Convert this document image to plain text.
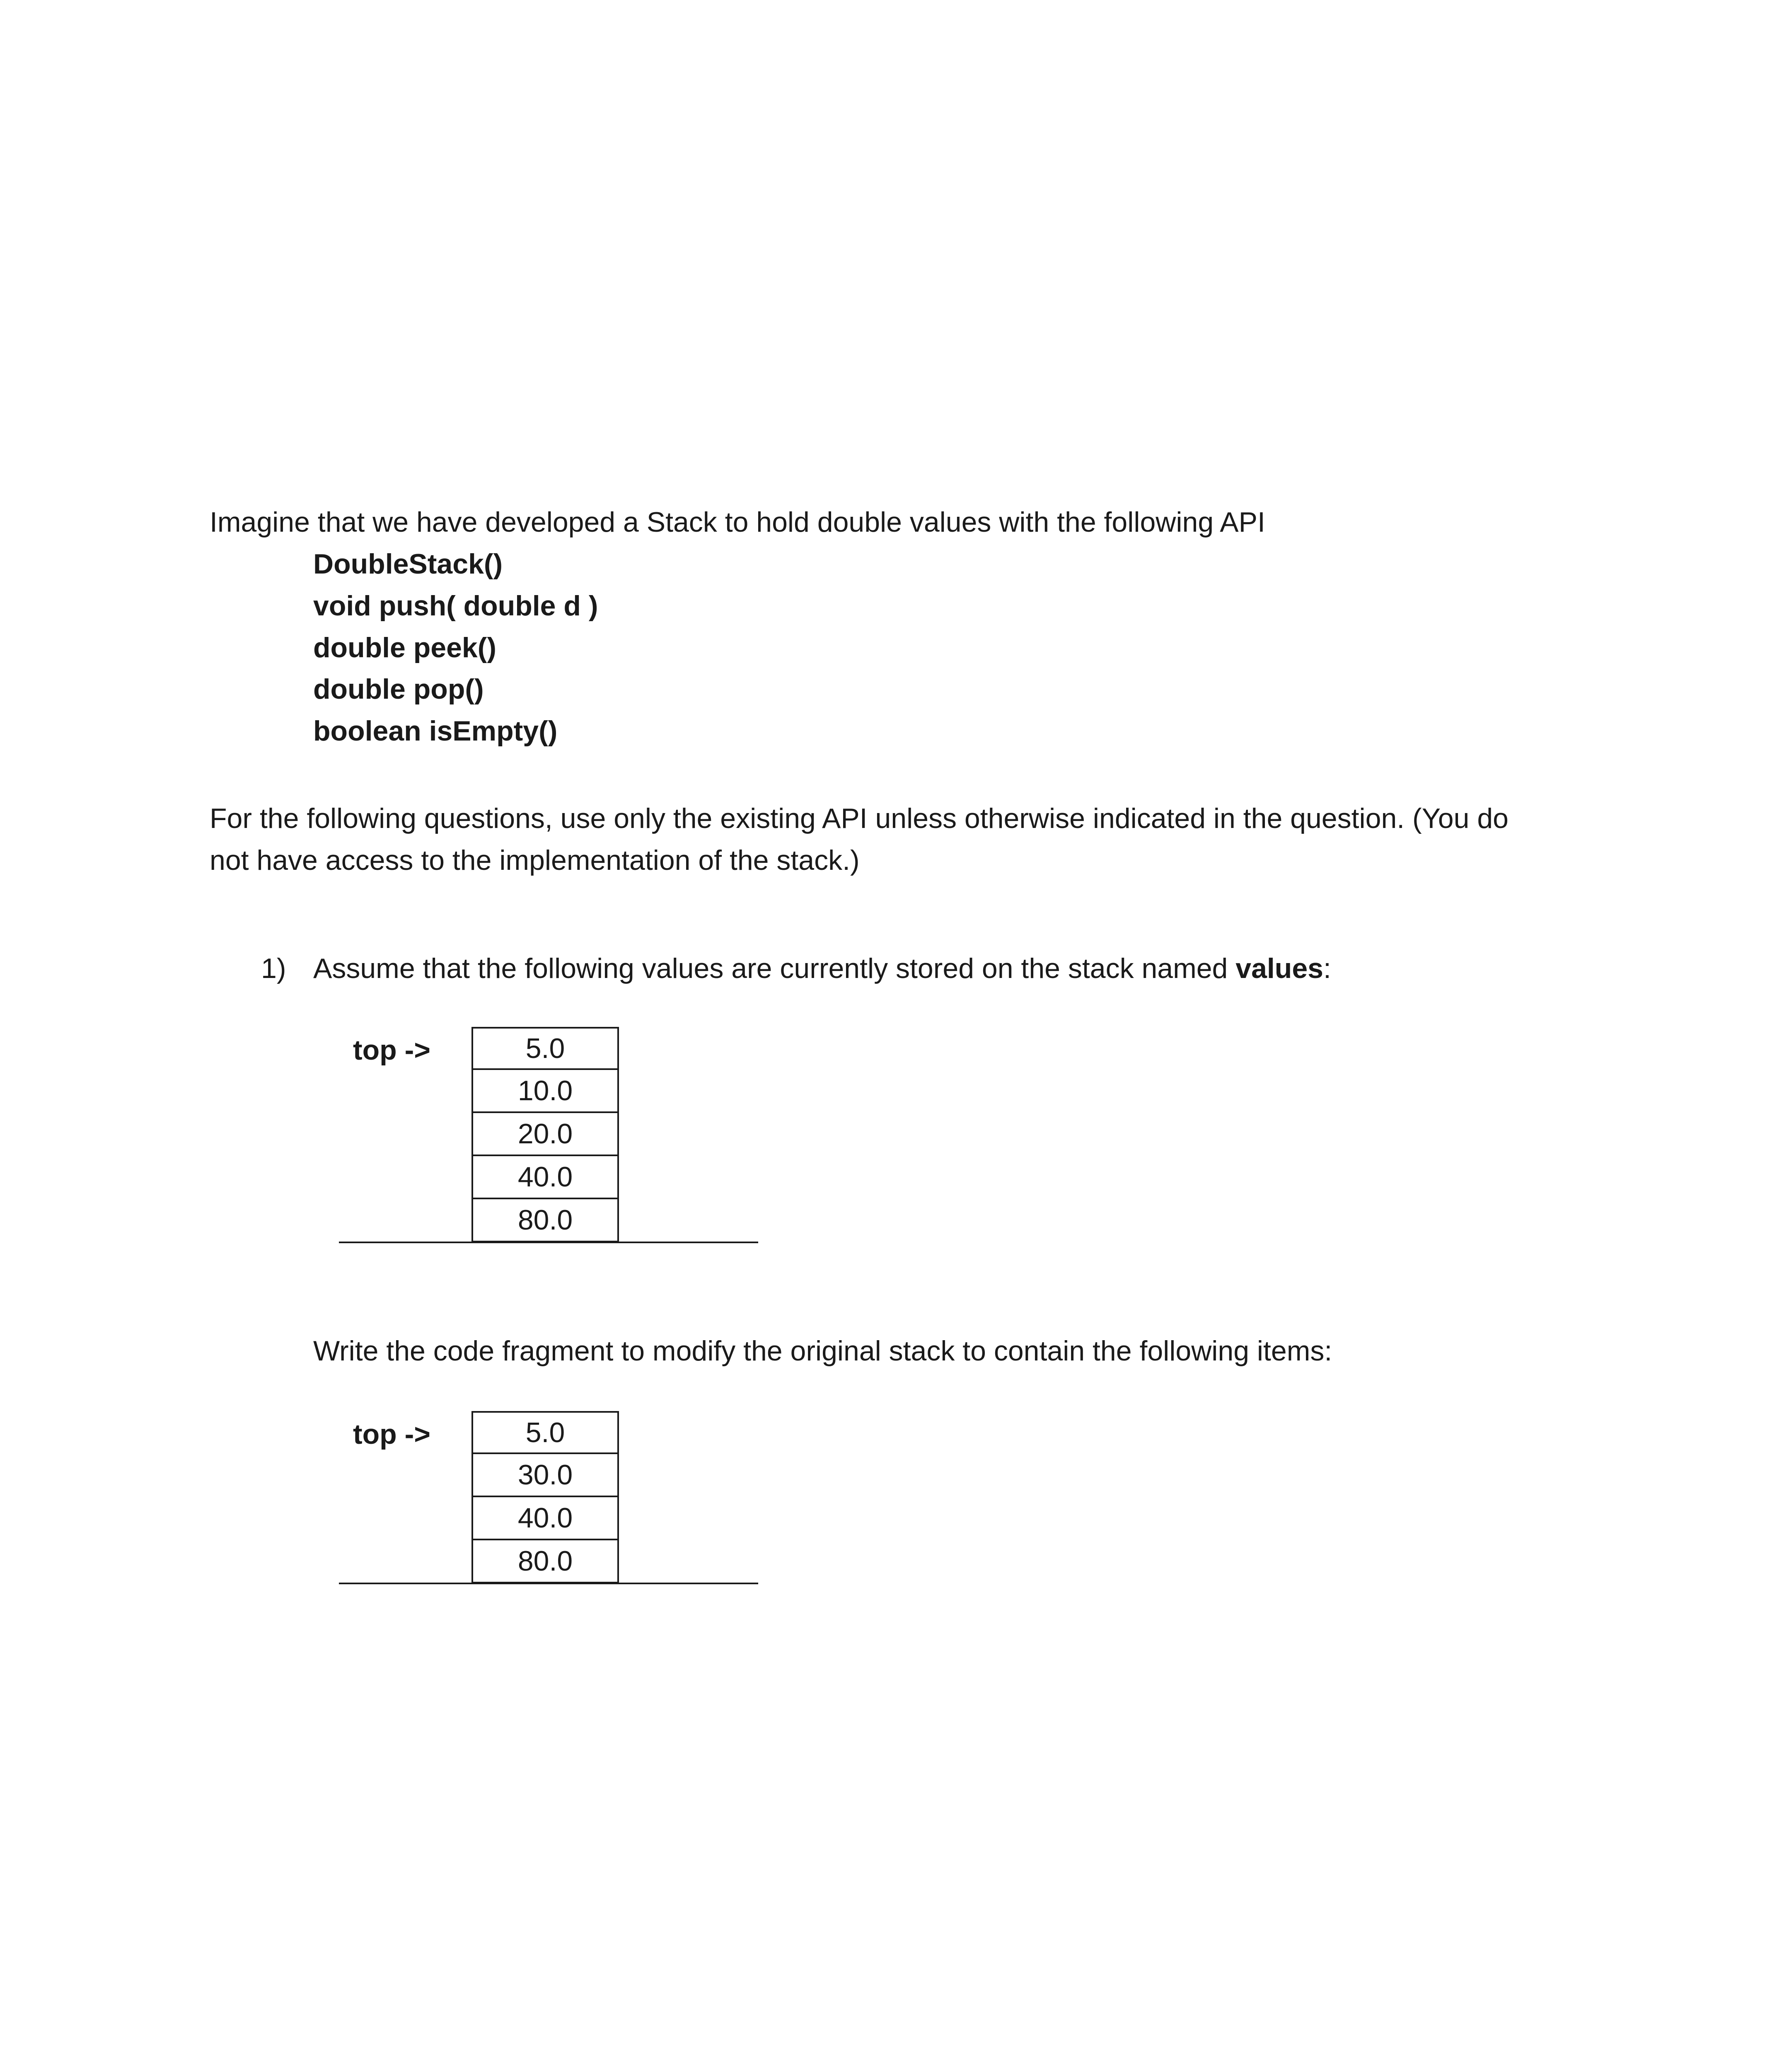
Imagine that we have developed a Stack to hold double values with the following API
DoubleStack()
void push( double d )
double peek()
double pop()
boolean isEmpty()
For the following questions, use only the existing API unless otherwise indicated in the question. (You do
not have access to the implementation of the stack.)
1) Assume that the following values are currently stored on the stack named values:
top ->	5.0
10.0
20.0
40.0
80.0
Write the code fragment to modify the original stack to contain the following items:
top ->	5.0
30.0
40.0
80.0
